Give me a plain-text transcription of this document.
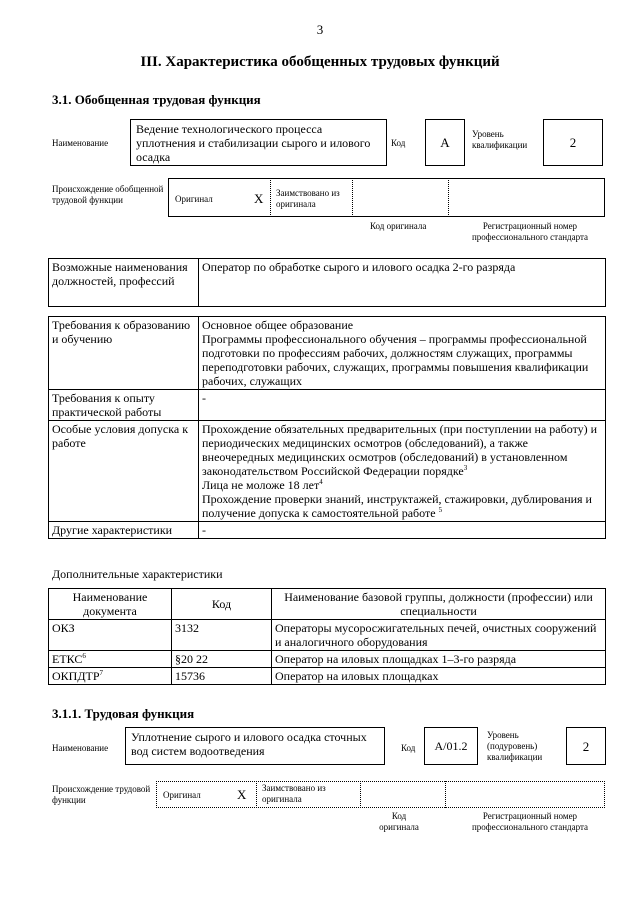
3
III. Характеристика обобщенных трудовых функций
3.1. Обобщенная трудовая функция
Наименование
Ведение технологического процесса уплотнения и стабилизации сырого и илового осадка
Код	А
Уровень квалификации	2
Происхождение обобщенной трудовой функции	Оригинал	X Заимствовано из оригинала
Код оригинала	Регистрационный номер профессионального стандарта
Возможные наименования должностей, профессий	Оператор по обработке сырого и илового осадка 2-го разряда

Требования к образованию и обучению	Основное общее образование
Программы профессионального обучения – программы профессиональной подготовки по профессиям рабочих, должностям служащих, программы переподготовки рабочих, служащих, программы повышения квалификации рабочих, служащих

Требования к опыту практической работы	-
Особые условия допуска к работе	Прохождение обязательных предварительных (при поступлении на работу) и периодических медицинских осмотров (обследований), а также внеочередных медицинских осмотров (обследований) в установленном законодательством Российской Федерации порядке$^3$
Лица не моложе 18 лет$^4$
Прохождение проверки знаний, инструктажей, стажировки, дублирования и получение допуска к самостоятельной работе $^5$

Другие характеристики	-
Дополнительные характеристики
Наименование документа	Код	Наименование базовой группы, должности (профессии) или специальности
ОКЗ	3132	Операторы мусоросжигательных печей, очистных сооружений и аналогичного оборудования
ЕТКС$^6$	§20 22	Оператор на иловых площадках 1–3-го разряда
ОКПДТР$^7$	15736	Оператор на иловых площадках
3.1.1. Трудовая функция
Наименование
Уплотнение сырого и илового осадка сточных вод систем водоотведения	Код	А/01.2
Уровень (подуровень) квалификации
2
Происхождение трудовой функции	Оригинал	X Заимствовано из оригинала
Код оригинала
Регистрационный номер профессионального стандарта
